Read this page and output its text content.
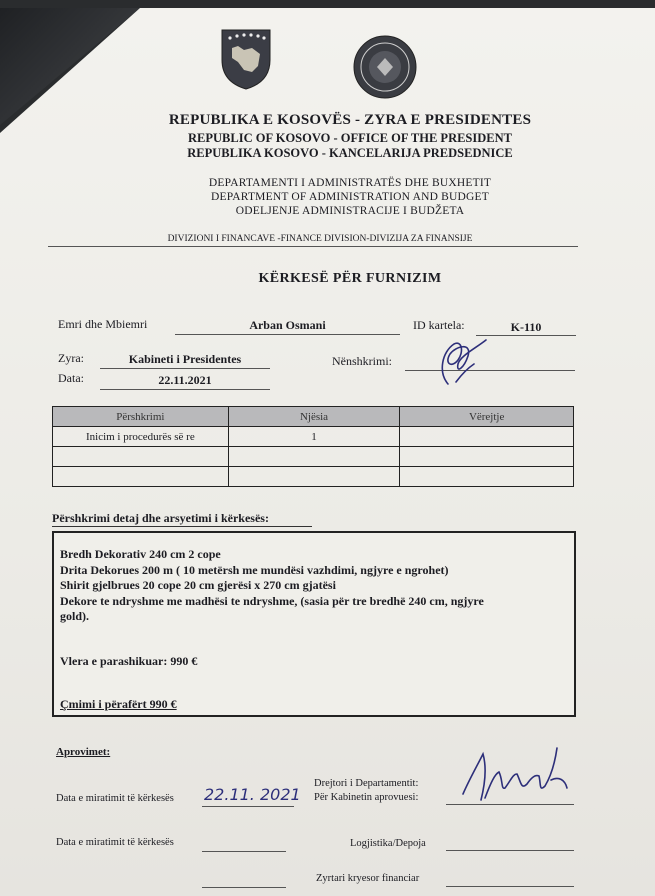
REPUBLIKA E KOSOVËS - ZYRA E PRESIDENTES
REPUBLIC OF KOSOVO - OFFICE OF THE PRESIDENT
REPUBLIKA KOSOVO - KANCELARIJA PREDSEDNICE
DEPARTAMENTI I ADMINISTRATËS DHE BUXHETIT
DEPARTMENT OF ADMINISTRATION AND BUDGET
ODELJENJE ADMINISTRACIJE I BUDŽETA
DIVIZIONI I FINANCAVE -FINANCE DIVISION-DIVIZIJA ZA FINANSIJE
KËRKESË PËR FURNIZIM
Emri dhe Mbiemri	Arban Osmani	ID kartela:	K-110
Zyra:	Kabineti i Presidentes	Nënshkrimi:
Data:	22.11.2021
Përshkrimi	Njësia	Vërejtje
Inicim i procedurës së re	1	

Përshkrimi detaj dhe arsyetimi i kërkesës:
Bredh Dekorativ 240 cm 2 cope
Drita Dekorues 200 m ( 10 metërsh me mundësi vazhdimi, ngjyre e ngrohet)
Shirit gjelbrues 20 cope 20 cm gjerësi x 270 cm gjatësi
Dekore te ndryshme me madhësi te ndryshme, (sasia për tre bredhë 240 cm, ngjyre
gold).
Vlera e parashikuar: 990 €
Çmimi i përafërt 990 €
Aprovimet:
Data e miratimit të kërkesës 22.11. 2021
Drejtori i Departamentit:
Për Kabinetin aprovuesi:
Data e miratimit të kërkesës	Logjistika/Depoja
Zyrtari kryesor financiar
